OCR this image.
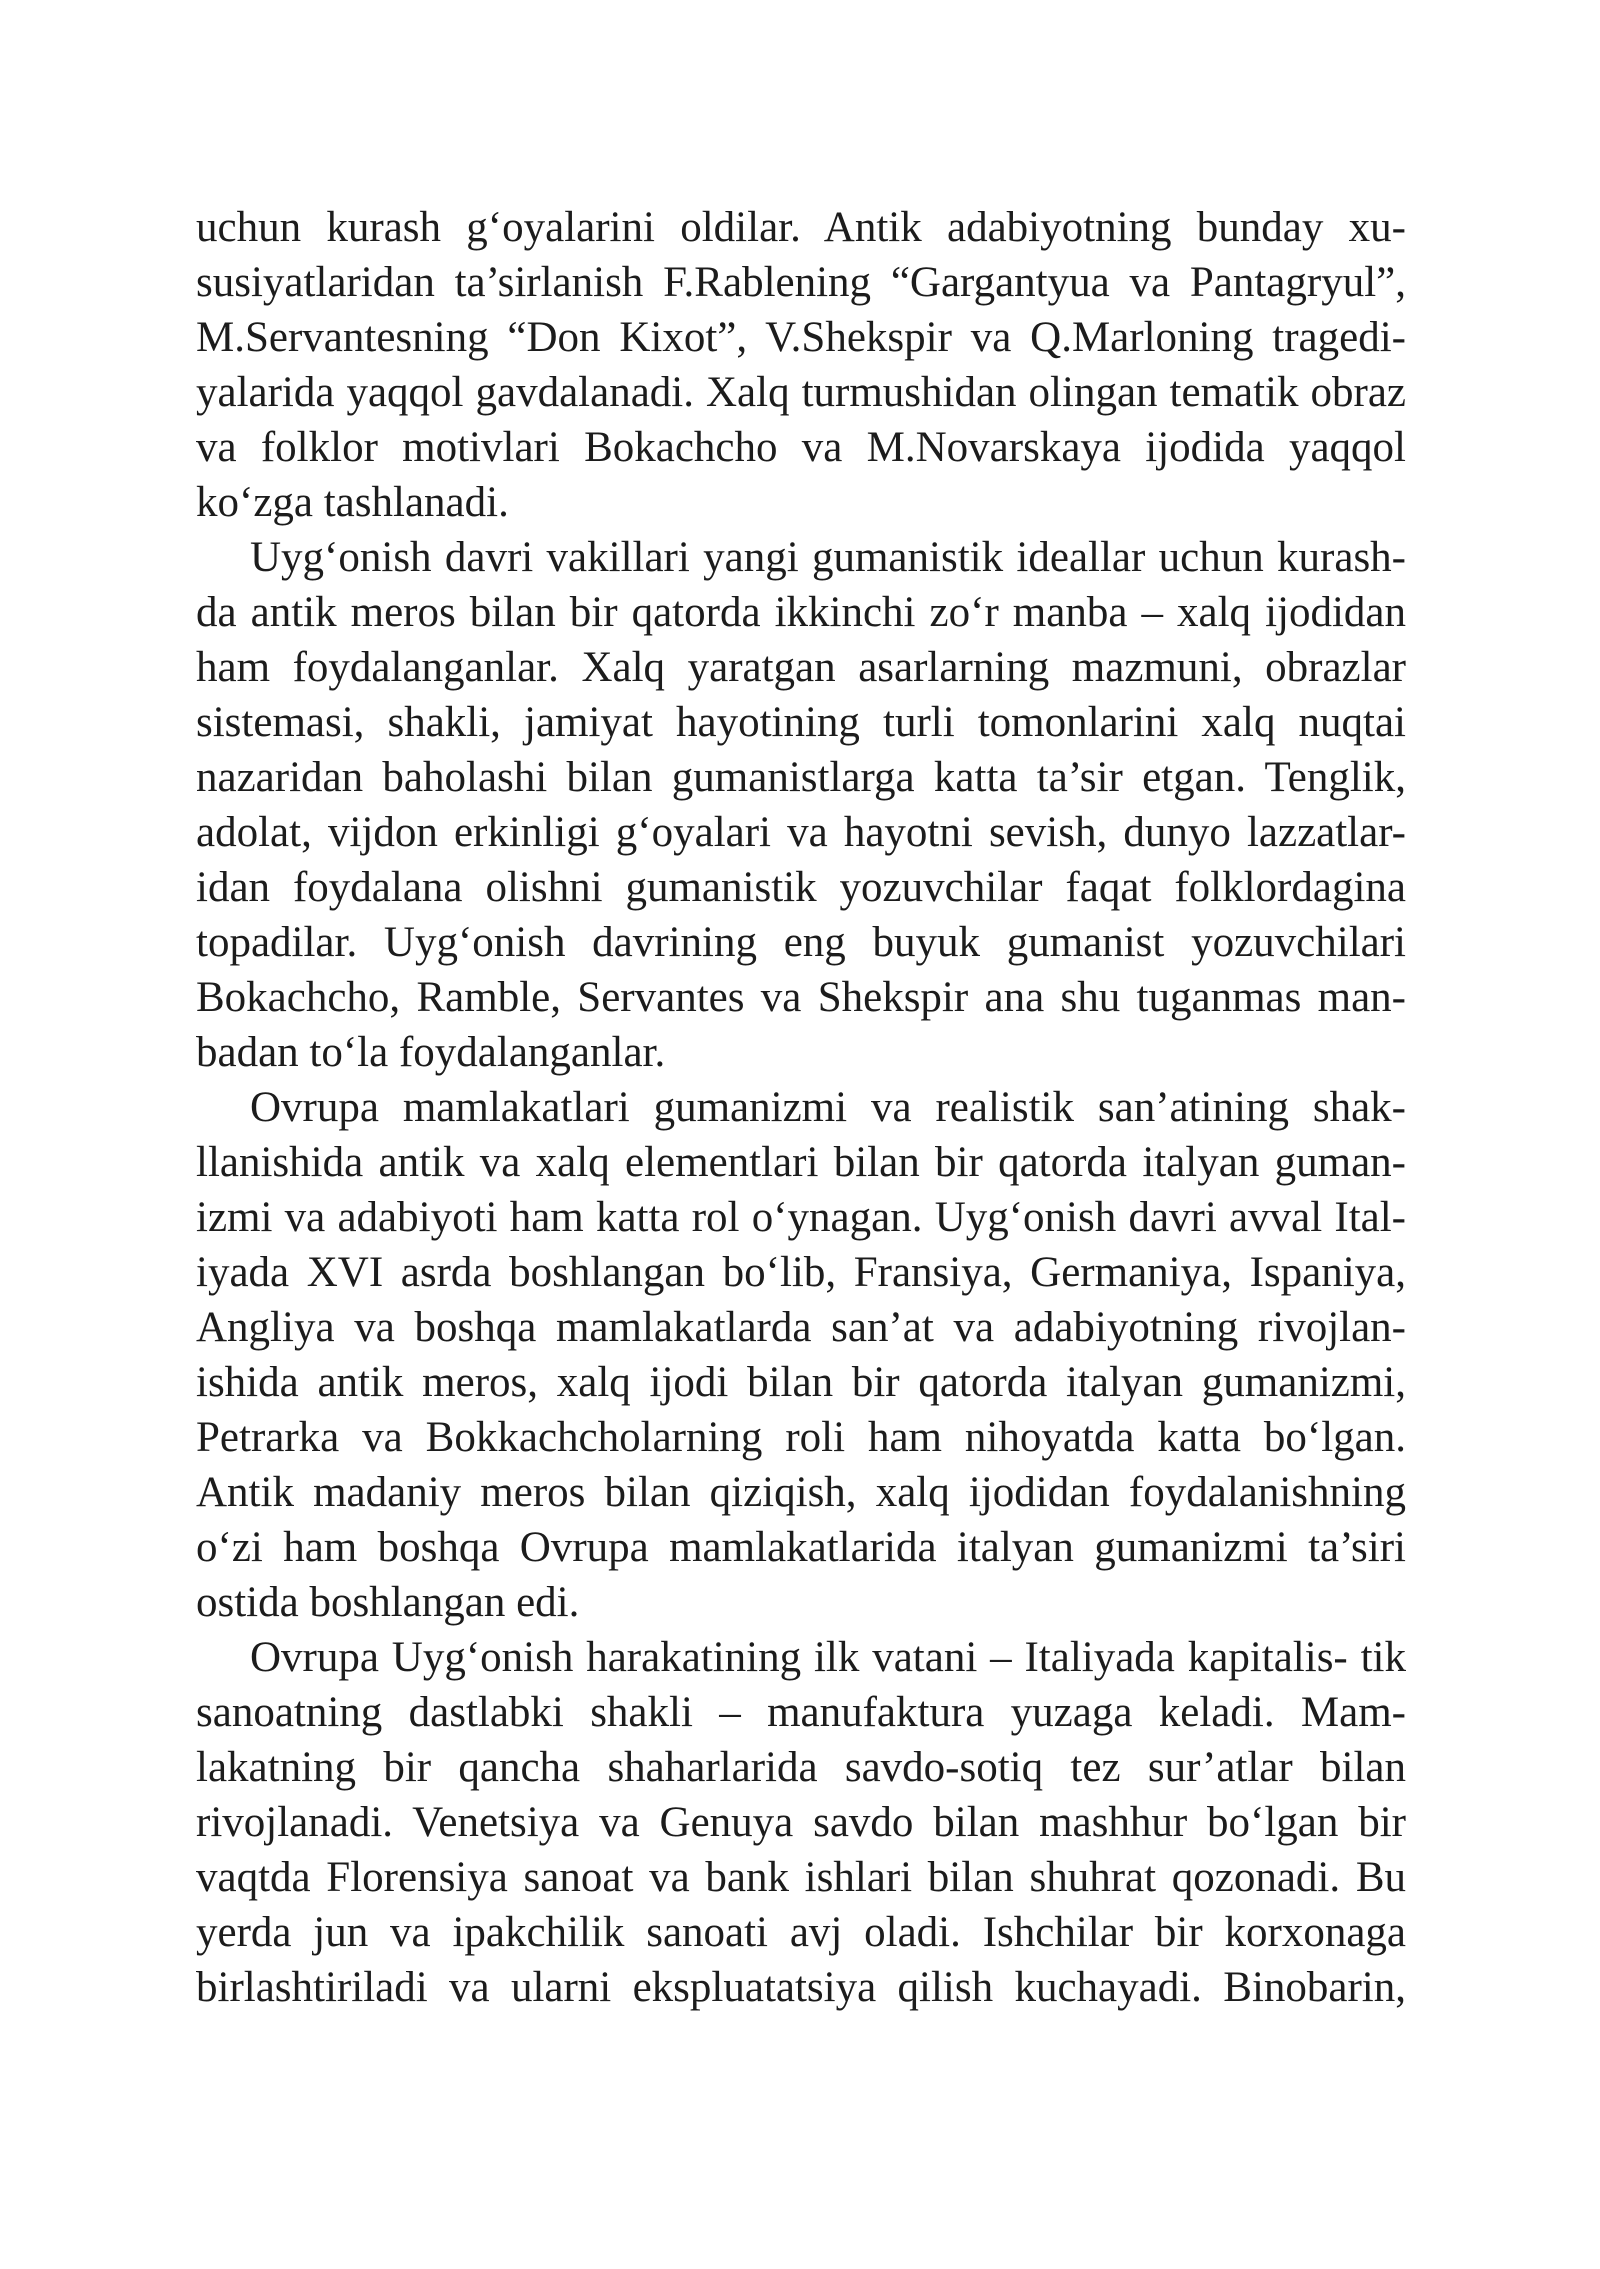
uchun kurash g‘oyalarini oldilar. Antik adabiyotning bunday xu-
susiyatlaridan ta’sirlanish F.Rablening “Gargantyua va Pantagryul”,
M.Servantesning “Don Kixot”, V.Shekspir va Q.Marloning tragedi-
yalarida yaqqol gavdalanadi. Xalq turmushidan olingan tematik obraz
va folklor motivlari Bokachcho va M.Novarskaya ijodida yaqqol
ko‘zga tashlanadi.
Uyg‘onish davri vakillari yangi gumanistik ideallar uchun kurash-
da antik meros bilan bir qatorda ikkinchi zo‘r manba – xalq ijodidan
ham foydalanganlar. Xalq yaratgan asarlarning mazmuni, obrazlar
sistemasi, shakli, jamiyat hayotining turli tomonlarini xalq nuqtai
nazaridan baholashi bilan gumanistlarga katta ta’sir etgan. Tenglik,
adolat, vijdon erkinligi g‘oyalari va hayotni sevish, dunyo lazzatlar-
idan foydalana olishni gumanistik yozuvchilar faqat folklordagina
topadilar. Uyg‘onish davrining eng buyuk gumanist yozuvchilari
Bokachcho, Ramble, Servantes va Shekspir ana shu tuganmas man-
badan to‘la foydalanganlar.
Ovrupa mamlakatlari gumanizmi va realistik san’atining shak-
llanishida antik va xalq elementlari bilan bir qatorda italyan guman-
izmi va adabiyoti ham katta rol o‘ynagan. Uyg‘onish davri avval Ital-
iyada XVI asrda boshlangan bo‘lib, Fransiya, Germaniya, Ispaniya,
Angliya va boshqa mamlakatlarda san’at va adabiyotning rivojlan-
ishida antik meros, xalq ijodi bilan bir qatorda italyan gumanizmi,
Petrarka va Bokkachcholarning roli ham nihoyatda katta bo‘lgan.
Antik madaniy meros bilan qiziqish, xalq ijodidan foydalanishning
o‘zi ham boshqa Ovrupa mamlakatlarida italyan gumanizmi ta’siri
ostida boshlangan edi.
Ovrupa Uyg‘onish harakatining ilk vatani – Italiyada kapitalis- tik
sanoatning dastlabki shakli – manufaktura yuzaga keladi. Mam-
lakatning bir qancha shaharlarida savdo-sotiq tez sur’atlar bilan
rivojlanadi. Venetsiya va Genuya savdo bilan mashhur bo‘lgan bir
vaqtda Florensiya sanoat va bank ishlari bilan shuhrat qozonadi. Bu
yerda jun va ipakchilik sanoati avj oladi. Ishchilar bir korxonaga
birlashtiriladi va ularni ekspluatatsiya qilish kuchayadi. Binobarin,
